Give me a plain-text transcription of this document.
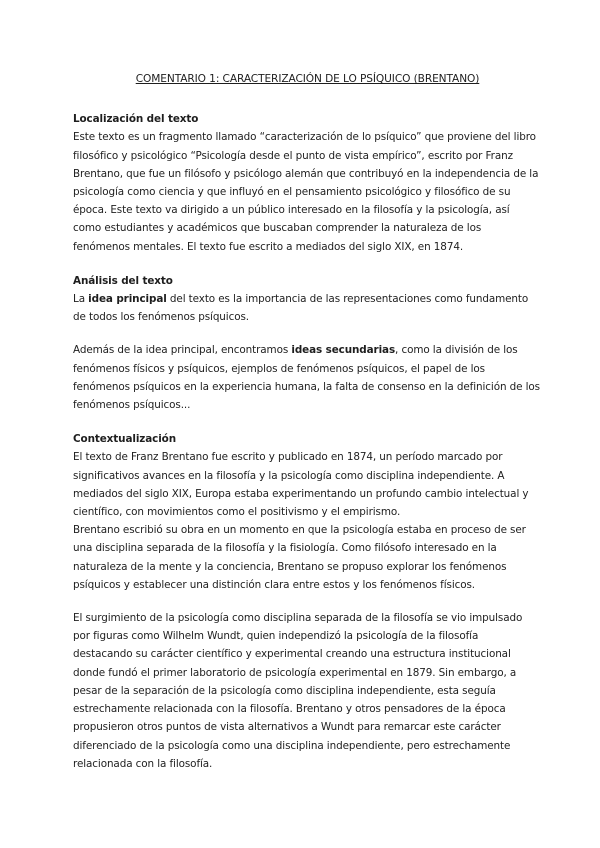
COMENTARIO 1: CARACTERIZACIÓN DE LO PSÍQUICO (BRENTANO)
Localización del texto

Este texto es un fragmento llamado “caracterización de lo psíquico” que proviene del libro filosófico y psicológico “Psicología desde el punto de vista empírico”, escrito por Franz Brentano, que fue un filósofo y psicólogo alemán que contribuyó en la independencia de la psicología como ciencia y que influyó en el pensamiento psicológico y filosófico de su época. Este texto va dirigido a un público interesado en la filosofía y la psicología, así como estudiantes y académicos que buscaban comprender la naturaleza de los fenómenos mentales. El texto fue escrito a mediados del siglo XIX, en 1874.

Análisis del texto

La idea principal del texto es la importancia de las representaciones como fundamento de todos los fenómenos psíquicos.

Además de la idea principal, encontramos ideas secundarias, como la división de los fenómenos físicos y psíquicos, ejemplos de fenómenos psíquicos, el papel de los fenómenos psíquicos en la experiencia humana, la falta de consenso en la definición de los fenómenos psíquicos...

Contextualización

El texto de Franz Brentano fue escrito y publicado en 1874, un período marcado por significativos avances en la filosofía y la psicología como disciplina independiente. A mediados del siglo XIX, Europa estaba experimentando un profundo cambio intelectual y científico, con movimientos como el positivismo y el empirismo.

Brentano escribió su obra en un momento en que la psicología estaba en proceso de ser una disciplina separada de la filosofía y la fisiología. Como filósofo interesado en la naturaleza de la mente y la conciencia, Brentano se propuso explorar los fenómenos psíquicos y establecer una distinción clara entre estos y los fenómenos físicos.

El surgimiento de la psicología como disciplina separada de la filosofía se vio impulsado por figuras como Wilhelm Wundt, quien independizó la psicología de la filosofía destacando su carácter científico y experimental creando una estructura institucional donde fundó el primer laboratorio de psicología experimental en 1879. Sin embargo, a pesar de la separación de la psicología como disciplina independiente, esta seguía estrechamente relacionada con la filosofía. Brentano y otros pensadores de la época propusieron otros puntos de vista alternativos a Wundt para remarcar este carácter diferenciado de la psicología como una disciplina independiente, pero estrechamente relacionada con la filosofía.
